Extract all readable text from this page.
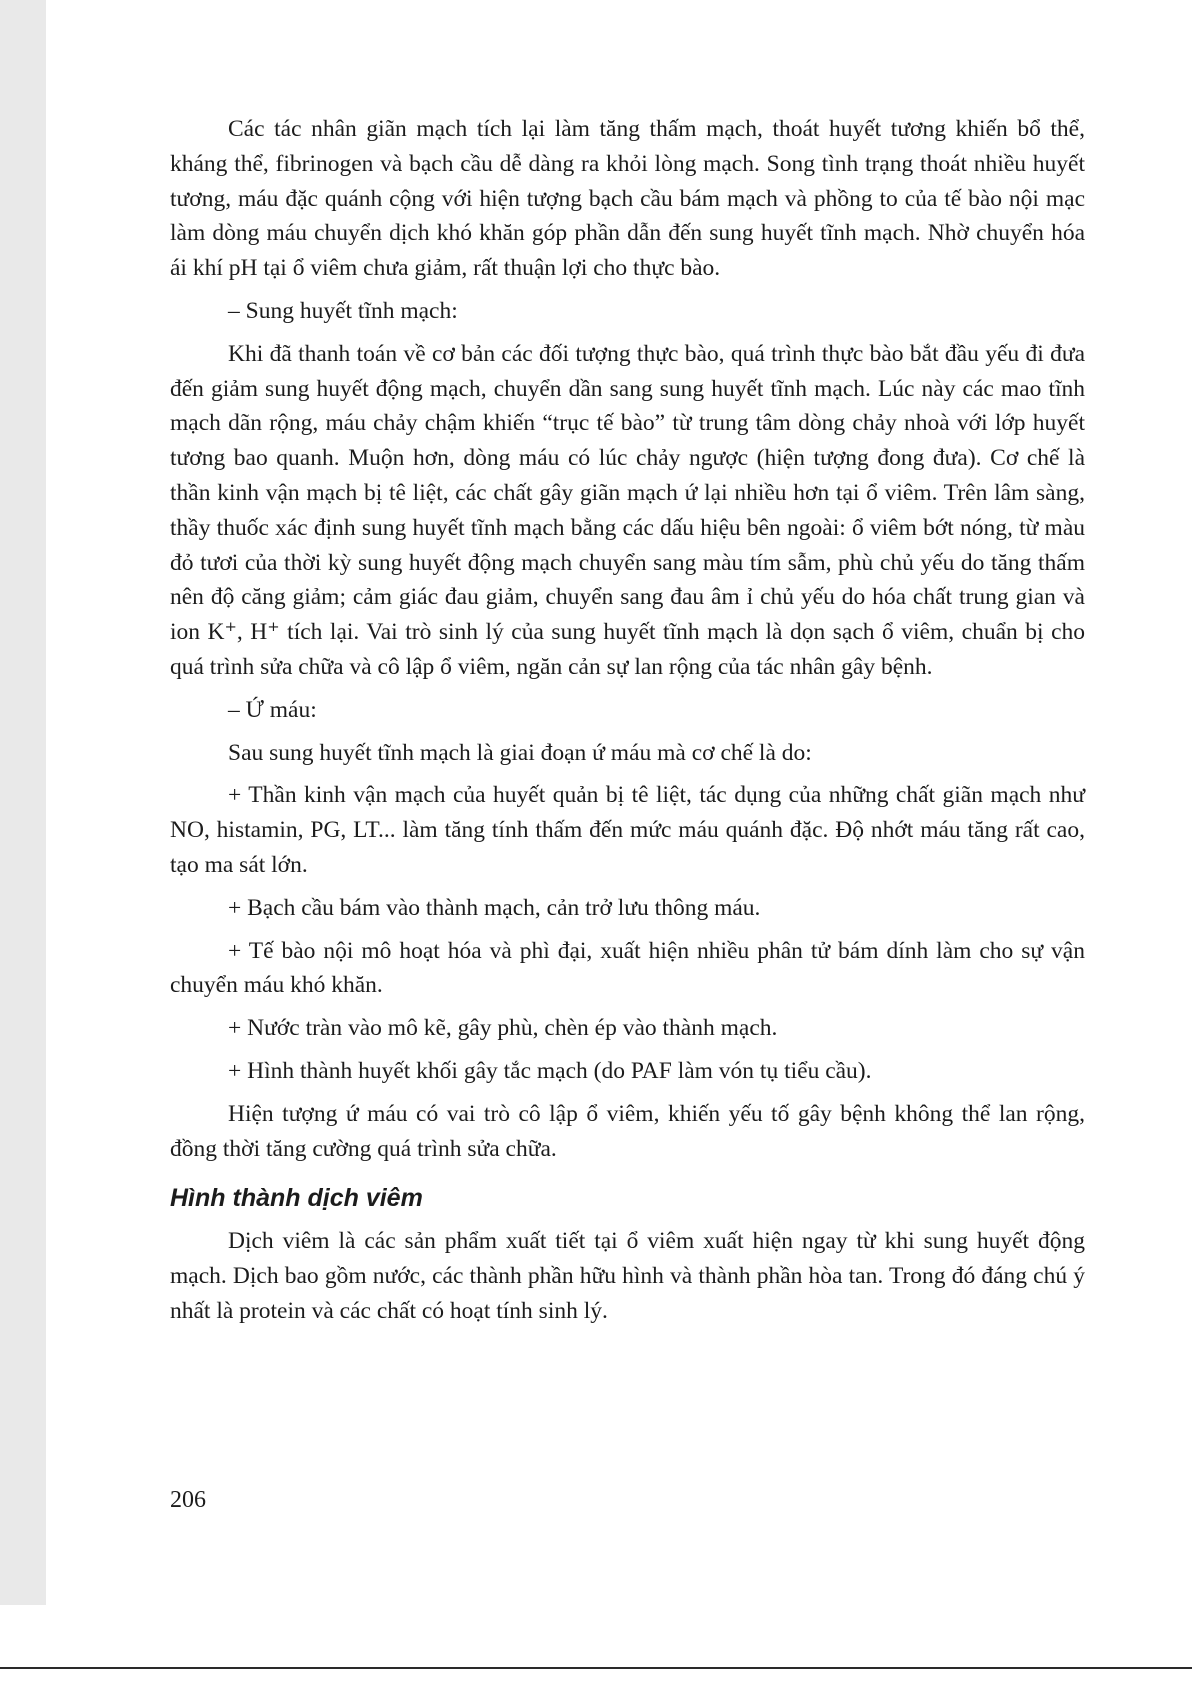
Các tác nhân giãn mạch tích lại làm tăng thấm mạch, thoát huyết tương khiến bổ thể, kháng thể, fibrinogen và bạch cầu dễ dàng ra khỏi lòng mạch. Song tình trạng thoát nhiều huyết tương, máu đặc quánh cộng với hiện tượng bạch cầu bám mạch và phồng to của tế bào nội mạc làm dòng máu chuyển dịch khó khăn góp phần dẫn đến sung huyết tĩnh mạch. Nhờ chuyển hóa ái khí pH tại ổ viêm chưa giảm, rất thuận lợi cho thực bào.

– Sung huyết tĩnh mạch:

Khi đã thanh toán về cơ bản các đối tượng thực bào, quá trình thực bào bắt đầu yếu đi đưa đến giảm sung huyết động mạch, chuyển dần sang sung huyết tĩnh mạch. Lúc này các mao tĩnh mạch dãn rộng, máu chảy chậm khiến “trục tế bào” từ trung tâm dòng chảy nhoà với lớp huyết tương bao quanh. Muộn hơn, dòng máu có lúc chảy ngược (hiện tượng đong đưa). Cơ chế là thần kinh vận mạch bị tê liệt, các chất gây giãn mạch ứ lại nhiều hơn tại ổ viêm. Trên lâm sàng, thầy thuốc xác định sung huyết tĩnh mạch bằng các dấu hiệu bên ngoài: ổ viêm bớt nóng, từ màu đỏ tươi của thời kỳ sung huyết động mạch chuyển sang màu tím sẫm, phù chủ yếu do tăng thấm nên độ căng giảm; cảm giác đau giảm, chuyển sang đau âm ỉ chủ yếu do hóa chất trung gian và ion K⁺, H⁺ tích lại. Vai trò sinh lý của sung huyết tĩnh mạch là dọn sạch ổ viêm, chuẩn bị cho quá trình sửa chữa và cô lập ổ viêm, ngăn cản sự lan rộng của tác nhân gây bệnh.

– Ứ máu:

Sau sung huyết tĩnh mạch là giai đoạn ứ máu mà cơ chế là do:

+ Thần kinh vận mạch của huyết quản bị tê liệt, tác dụng của những chất giãn mạch như NO, histamin, PG, LT... làm tăng tính thấm đến mức máu quánh đặc. Độ nhớt máu tăng rất cao, tạo ma sát lớn.

+ Bạch cầu bám vào thành mạch, cản trở lưu thông máu.

+ Tế bào nội mô hoạt hóa và phì đại, xuất hiện nhiều phân tử bám dính làm cho sự vận chuyển máu khó khăn.

+ Nước tràn vào mô kẽ, gây phù, chèn ép vào thành mạch.

+ Hình thành huyết khối gây tắc mạch (do PAF làm vón tụ tiểu cầu).

Hiện tượng ứ máu có vai trò cô lập ổ viêm, khiến yếu tố gây bệnh không thể lan rộng, đồng thời tăng cường quá trình sửa chữa.

Hình thành dịch viêm

Dịch viêm là các sản phẩm xuất tiết tại ổ viêm xuất hiện ngay từ khi sung huyết động mạch. Dịch bao gồm nước, các thành phần hữu hình và thành phần hòa tan. Trong đó đáng chú ý nhất là protein và các chất có hoạt tính sinh lý.

206
